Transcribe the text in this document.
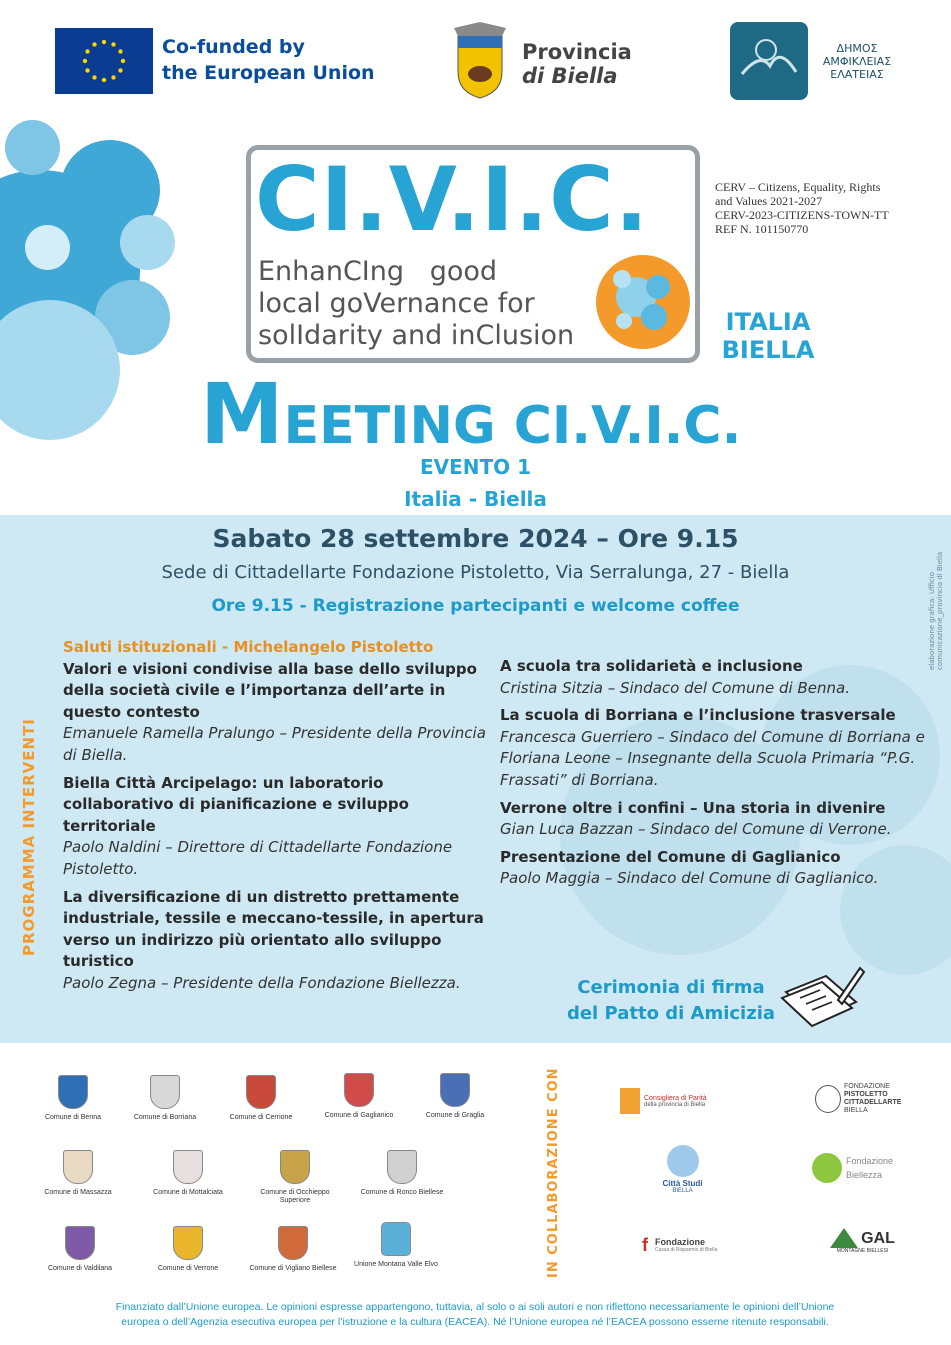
Co-funded by
the European Union
Provincia
di Biella
ΔΗΜΟΣ
ΑΜΦΙΚΛΕΙΑΣ
ΕΛΑΤΕΙΑΣ
CI.V.I.C.
EnhanCIng   good
local goVernance for
solIdarity and inClusion
CERV – Citizens, Equality, Rights
and Values 2021-2027
CERV-2023-CITIZENS-TOWN-TT
REF N. 101150770
ITALIA
BIELLA
MEETING CI.V.I.C.
EVENTO 1
Italia - Biella
Sabato 28 settembre 2024 – Ore 9.15
Sede di Cittadellarte Fondazione Pistoletto, Via Serralunga, 27 - Biella
Ore 9.15 - Registrazione partecipanti e welcome coffee	elaborazione grafica: Ufficio comunicazione_provincia di Biella
PROGRAMMA INTERVENTI
Saluti istituzionali - Michelangelo Pistoletto
Valori e visioni condivise alla base dello sviluppo della società civile e l’importanza dell’arte in questo contesto
Emanuele Ramella Pralungo – Presidente della Provincia di Biella.
Biella Città Arcipelago: un laboratorio collaborativo di pianificazione e sviluppo territoriale
Paolo Naldini – Direttore di Cittadellarte Fondazione Pistoletto.
La diversificazione di un distretto prettamente industriale, tessile e meccano-tessile, in apertura verso un indirizzo più orientato allo sviluppo turistico
Paolo Zegna – Presidente della Fondazione Biellezza.
A scuola tra solidarietà e inclusione
Cristina Sitzia – Sindaco del Comune di Benna.
La scuola di Borriana e l’inclusione trasversale
Francesca Guerriero – Sindaco del Comune di Borriana e Floriana Leone – Insegnante della Scuola Primaria “P.G. Frassati” di Borriana.
Verrone oltre i confini – Una storia in divenire
Gian Luca Bazzan – Sindaco del Comune di Verrone.
Presentazione del Comune di Gaglianico
Paolo Maggia – Sindaco del Comune di Gaglianico.
Cerimonia di firma
del Patto di Amicizia
IN COLLABORAZIONE CON
Comune di Benna	Comune di Borriana	Comune di Cerrione	Comune di Gaglianico	Comune di Graglia
Comune di Massazza	Comune di Mottalciata	Comune di Occhieppo Superiore
Comune di Ronco Biellese
Comune di Valdilana	Comune di Verrone	Comune di Vigliano Biellese
Unione Montana Valle Elvo
Consigliera di Parità
della provincia di Biella
FONDAZIONE
PISTOLETTO
CITTADELLARTE
BIELLA
Città Studi
BIELLA
Fondazione
Biellezza
f Fondazione
Cassa di Risparmio di Biella
GAL
MONTAGNE BIELLESI
Finanziato dall’Unione europea. Le opinioni espresse appartengono, tuttavia, al solo o ai soli autori e non riflettono necessariamente le opinioni dell’Unione
europea o dell’Agenzia esecutiva europea per l’istruzione e la cultura (EACEA). Né l’Unione europea né l’EACEA possono esserne ritenute responsabili.
